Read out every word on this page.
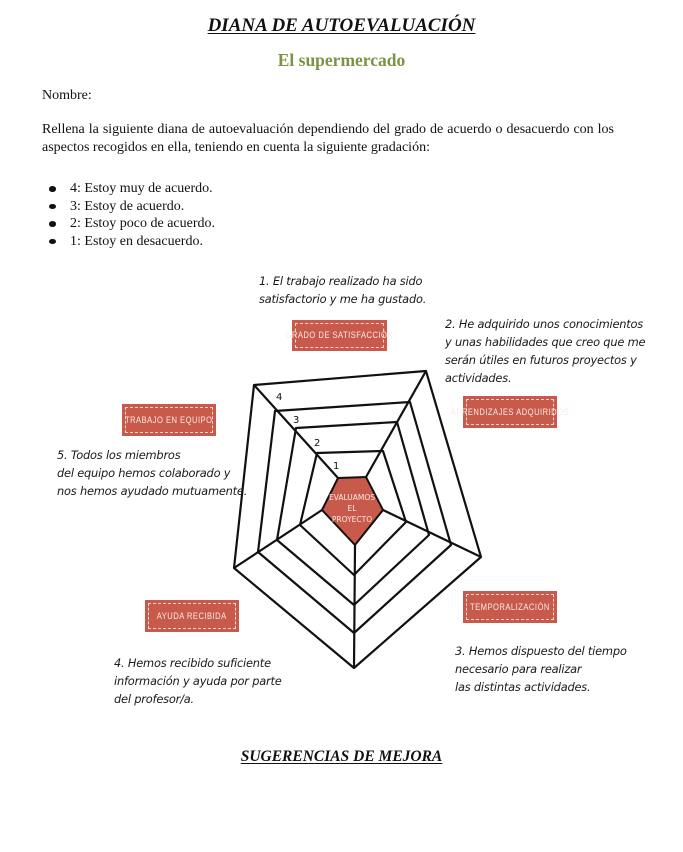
DIANA DE AUTOEVALUACIÓN
El supermercado
Nombre:
Rellena la siguiente diana de autoevaluación dependiendo del grado de acuerdo o desacuerdo con los aspectos recogidos en ella, teniendo en cuenta la siguiente gradación:
4: Estoy muy de acuerdo.
3: Estoy de acuerdo.
2: Estoy poco de acuerdo.
1: Estoy en desacuerdo.
1. El trabajo realizado ha sido
satisfactorio y me ha gustado.
2. He adquirido unos conocimientos
y unas habilidades que creo que me
serán útiles en futuros proyectos y
actividades.
3. Hemos dispuesto del tiempo
necesario para realizar
las distintas actividades.
4. Hemos recibido suficiente
información y ayuda por parte
del profesor/a.
5. Todos los miembros
del equipo hemos colaborado y
nos hemos ayudado mutuamente.
GRADO DE SATISFACCIÓN
APRENDIZAJES ADQUIRIDOS
TEMPORALIZACIÓN
AYUDA RECIBIDA
TRABAJO EN EQUIPO
EVALUAMOS
EL
PROYECTO
1
2
3
4
SUGERENCIAS DE MEJORA
